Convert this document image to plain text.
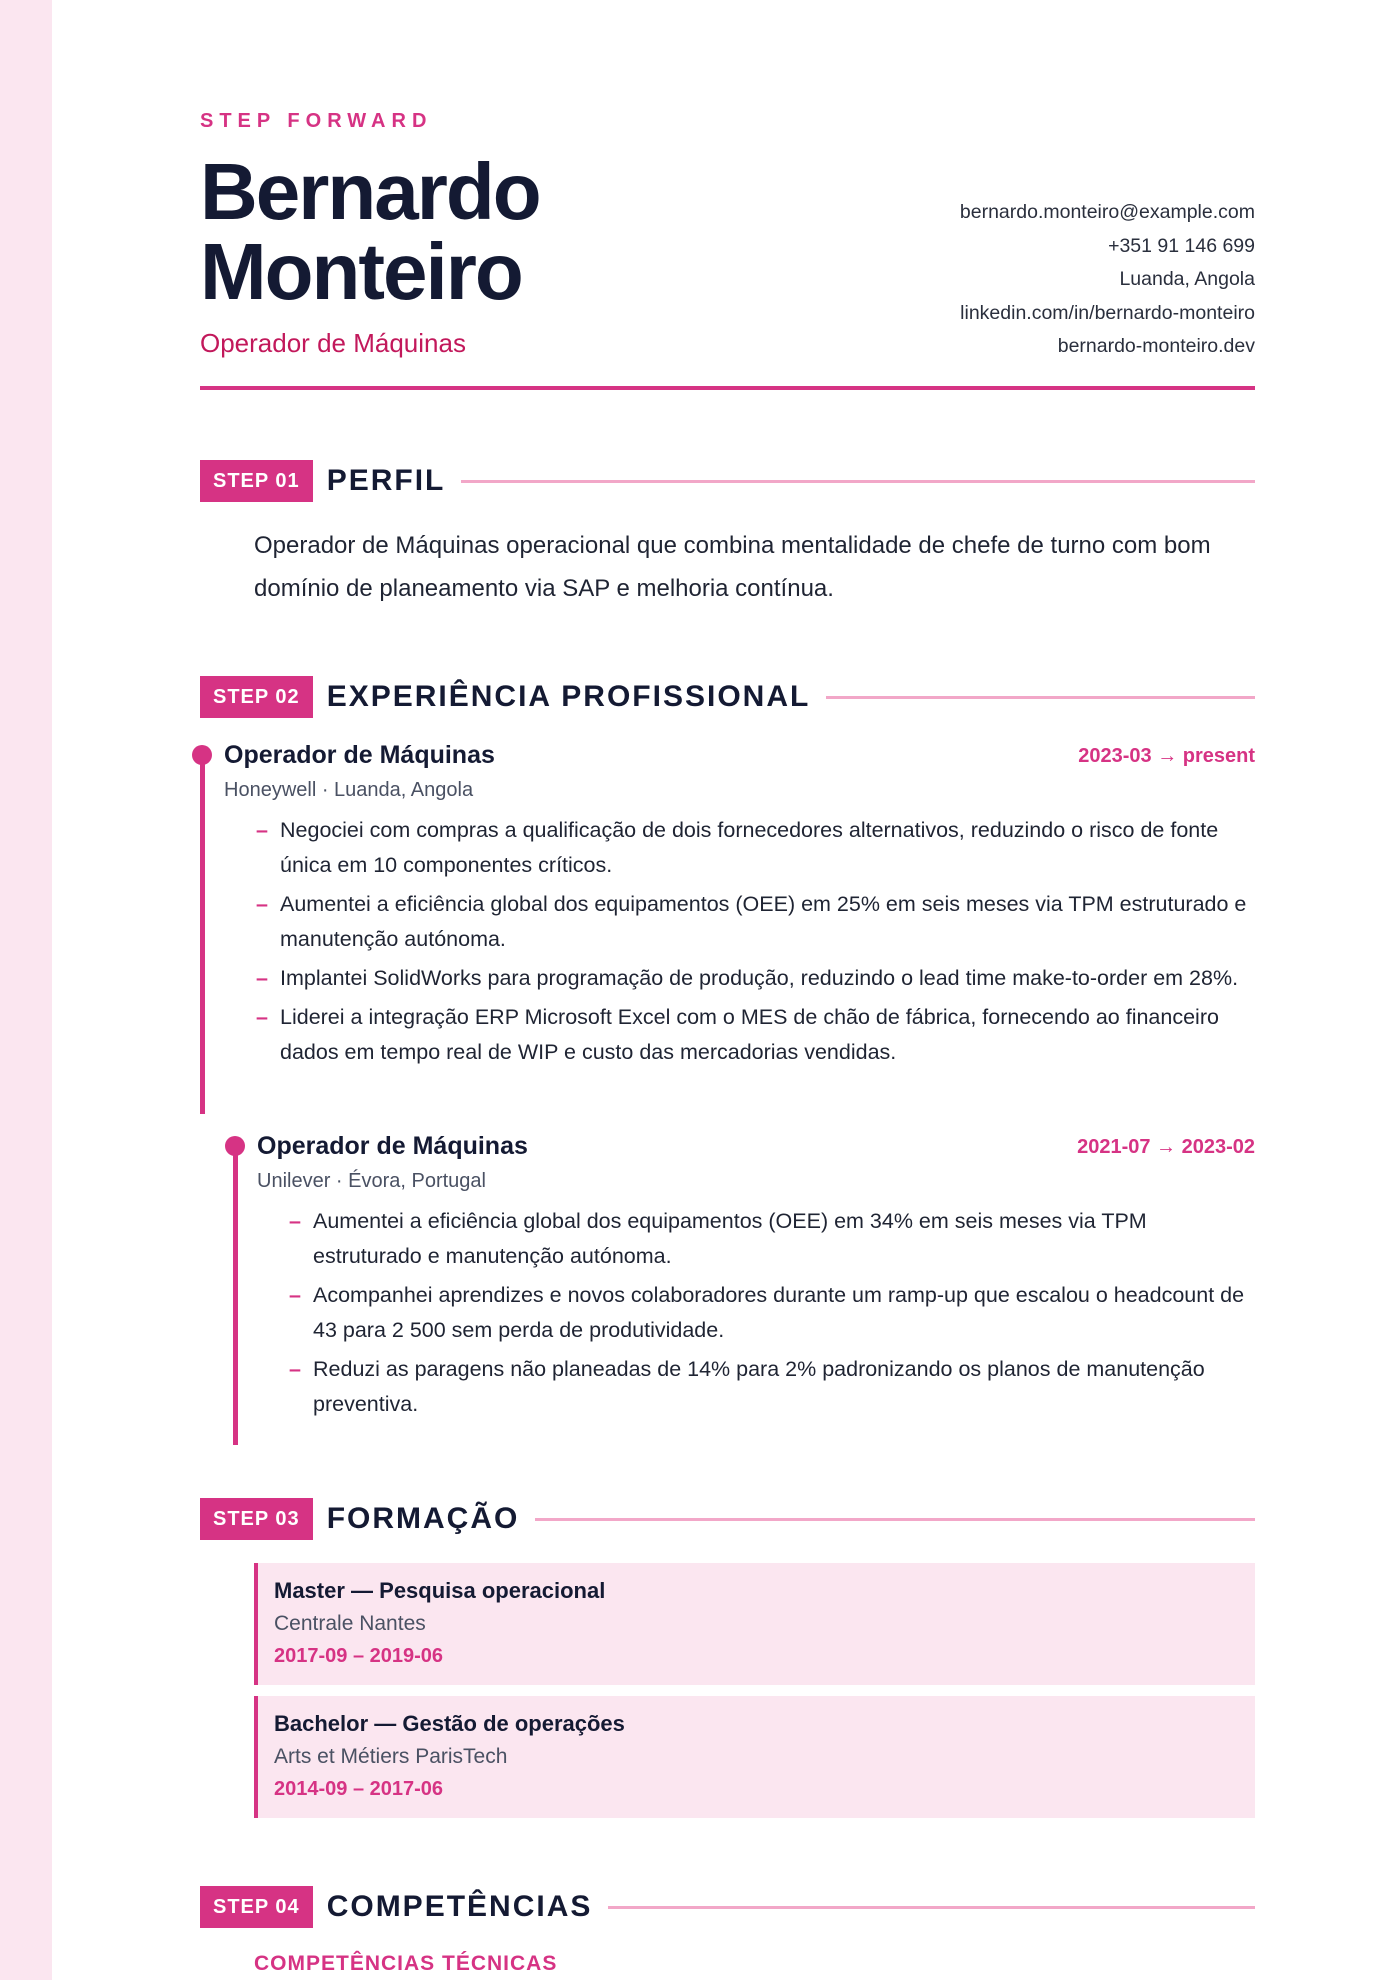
STEP FORWARD
Bernardo
Monteiro
Operador de Máquinas
bernardo.monteiro@example.com
+351 91 146 699
Luanda, Angola
linkedin.com/in/bernardo-monteiro
bernardo-monteiro.dev
STEP 01 PERFIL
Operador de Máquinas operacional que combina mentalidade de chefe de turno com bom domínio de planeamento via SAP e melhoria contínua.
STEP 02 EXPERIÊNCIA PROFISSIONAL
Operador de Máquinas	2023-03 → present
Honeywell · Luanda, Angola
– Negociei com compras a qualificação de dois fornecedores alternativos, reduzindo o risco de fonte única em 10 componentes críticos.
– Aumentei a eficiência global dos equipamentos (OEE) em 25% em seis meses via TPM estruturado e manutenção autónoma.
– Implantei SolidWorks para programação de produção, reduzindo o lead time make-to-order em 28%.
– Liderei a integração ERP Microsoft Excel com o MES de chão de fábrica, fornecendo ao financeiro dados em tempo real de WIP e custo das mercadorias vendidas.
Operador de Máquinas	2021-07 → 2023-02
Unilever · Évora, Portugal
– Aumentei a eficiência global dos equipamentos (OEE) em 34% em seis meses via TPM estruturado e manutenção autónoma.
– Acompanhei aprendizes e novos colaboradores durante um ramp-up que escalou o headcount de 43 para 2 500 sem perda de produtividade.
– Reduzi as paragens não planeadas de 14% para 2% padronizando os planos de manutenção preventiva.
STEP 03 FORMAÇÃO
Master — Pesquisa operacional
Centrale Nantes
2017-09 – 2019-06
Bachelor — Gestão de operações
Arts et Métiers ParisTech
2014-09 – 2017-06
STEP 04 COMPETÊNCIAS
COMPETÊNCIAS TÉCNICAS
